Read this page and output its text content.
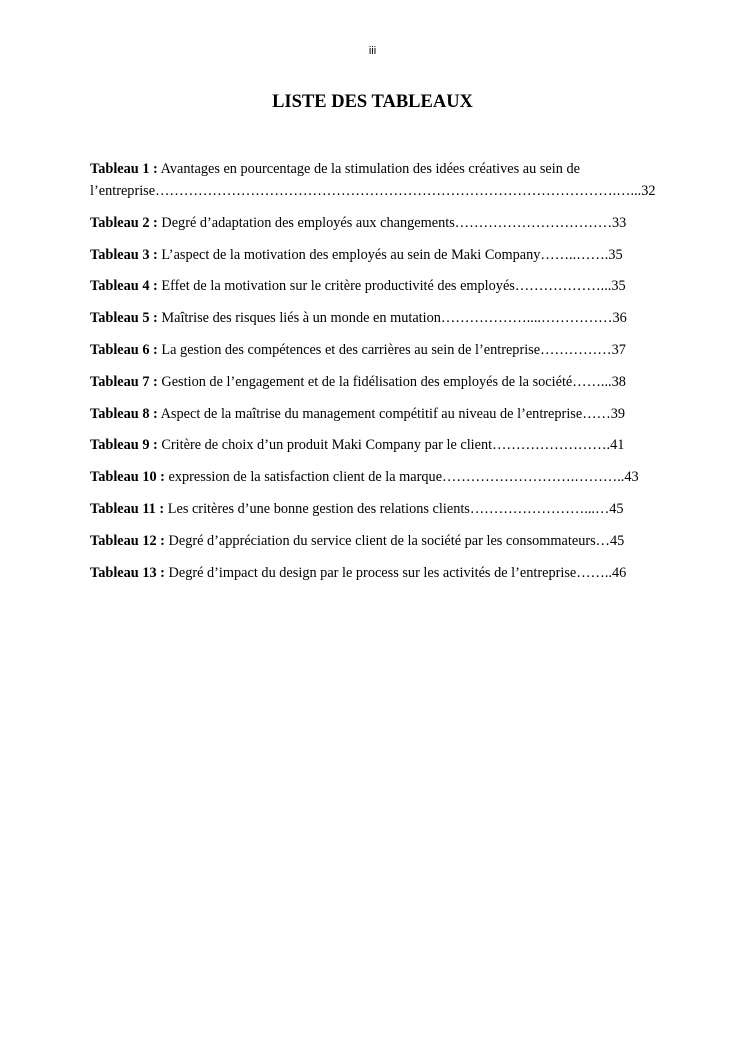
iii
LISTE DES TABLEAUX
Tableau 1 : Avantages en pourcentage de la stimulation des idées créatives au sein de
l’entreprise…………………………………………………………………………………….…...32
Tableau 2 : Degré d’adaptation des employés aux changements……………………………33
Tableau 3 : L’aspect de la motivation des employés au sein de Maki Company……..…….35
Tableau 4 : Effet de la motivation sur le critère productivité des employés………………...35
Tableau 5 : Maîtrise des risques liés à un monde en mutation………………....……………36
Tableau 6 : La gestion des compétences et des carrières au sein de l’entreprise……………37
Tableau 7 : Gestion de l’engagement et de la fidélisation des employés de la société……...38
Tableau 8 : Aspect de la maîtrise du management compétitif au niveau de l’entreprise……39
Tableau 9 : Critère de choix d’un produit Maki Company par le client…………………….41
Tableau 10 : expression de la satisfaction client de la marque……………………….………..43
Tableau 11 : Les critères d’une bonne gestion des relations clients……………………...…45
Tableau 12 : Degré d’appréciation du service client de la société par les consommateurs…45
Tableau 13 : Degré d’impact du design par le process sur les activités de l’entreprise……..46
